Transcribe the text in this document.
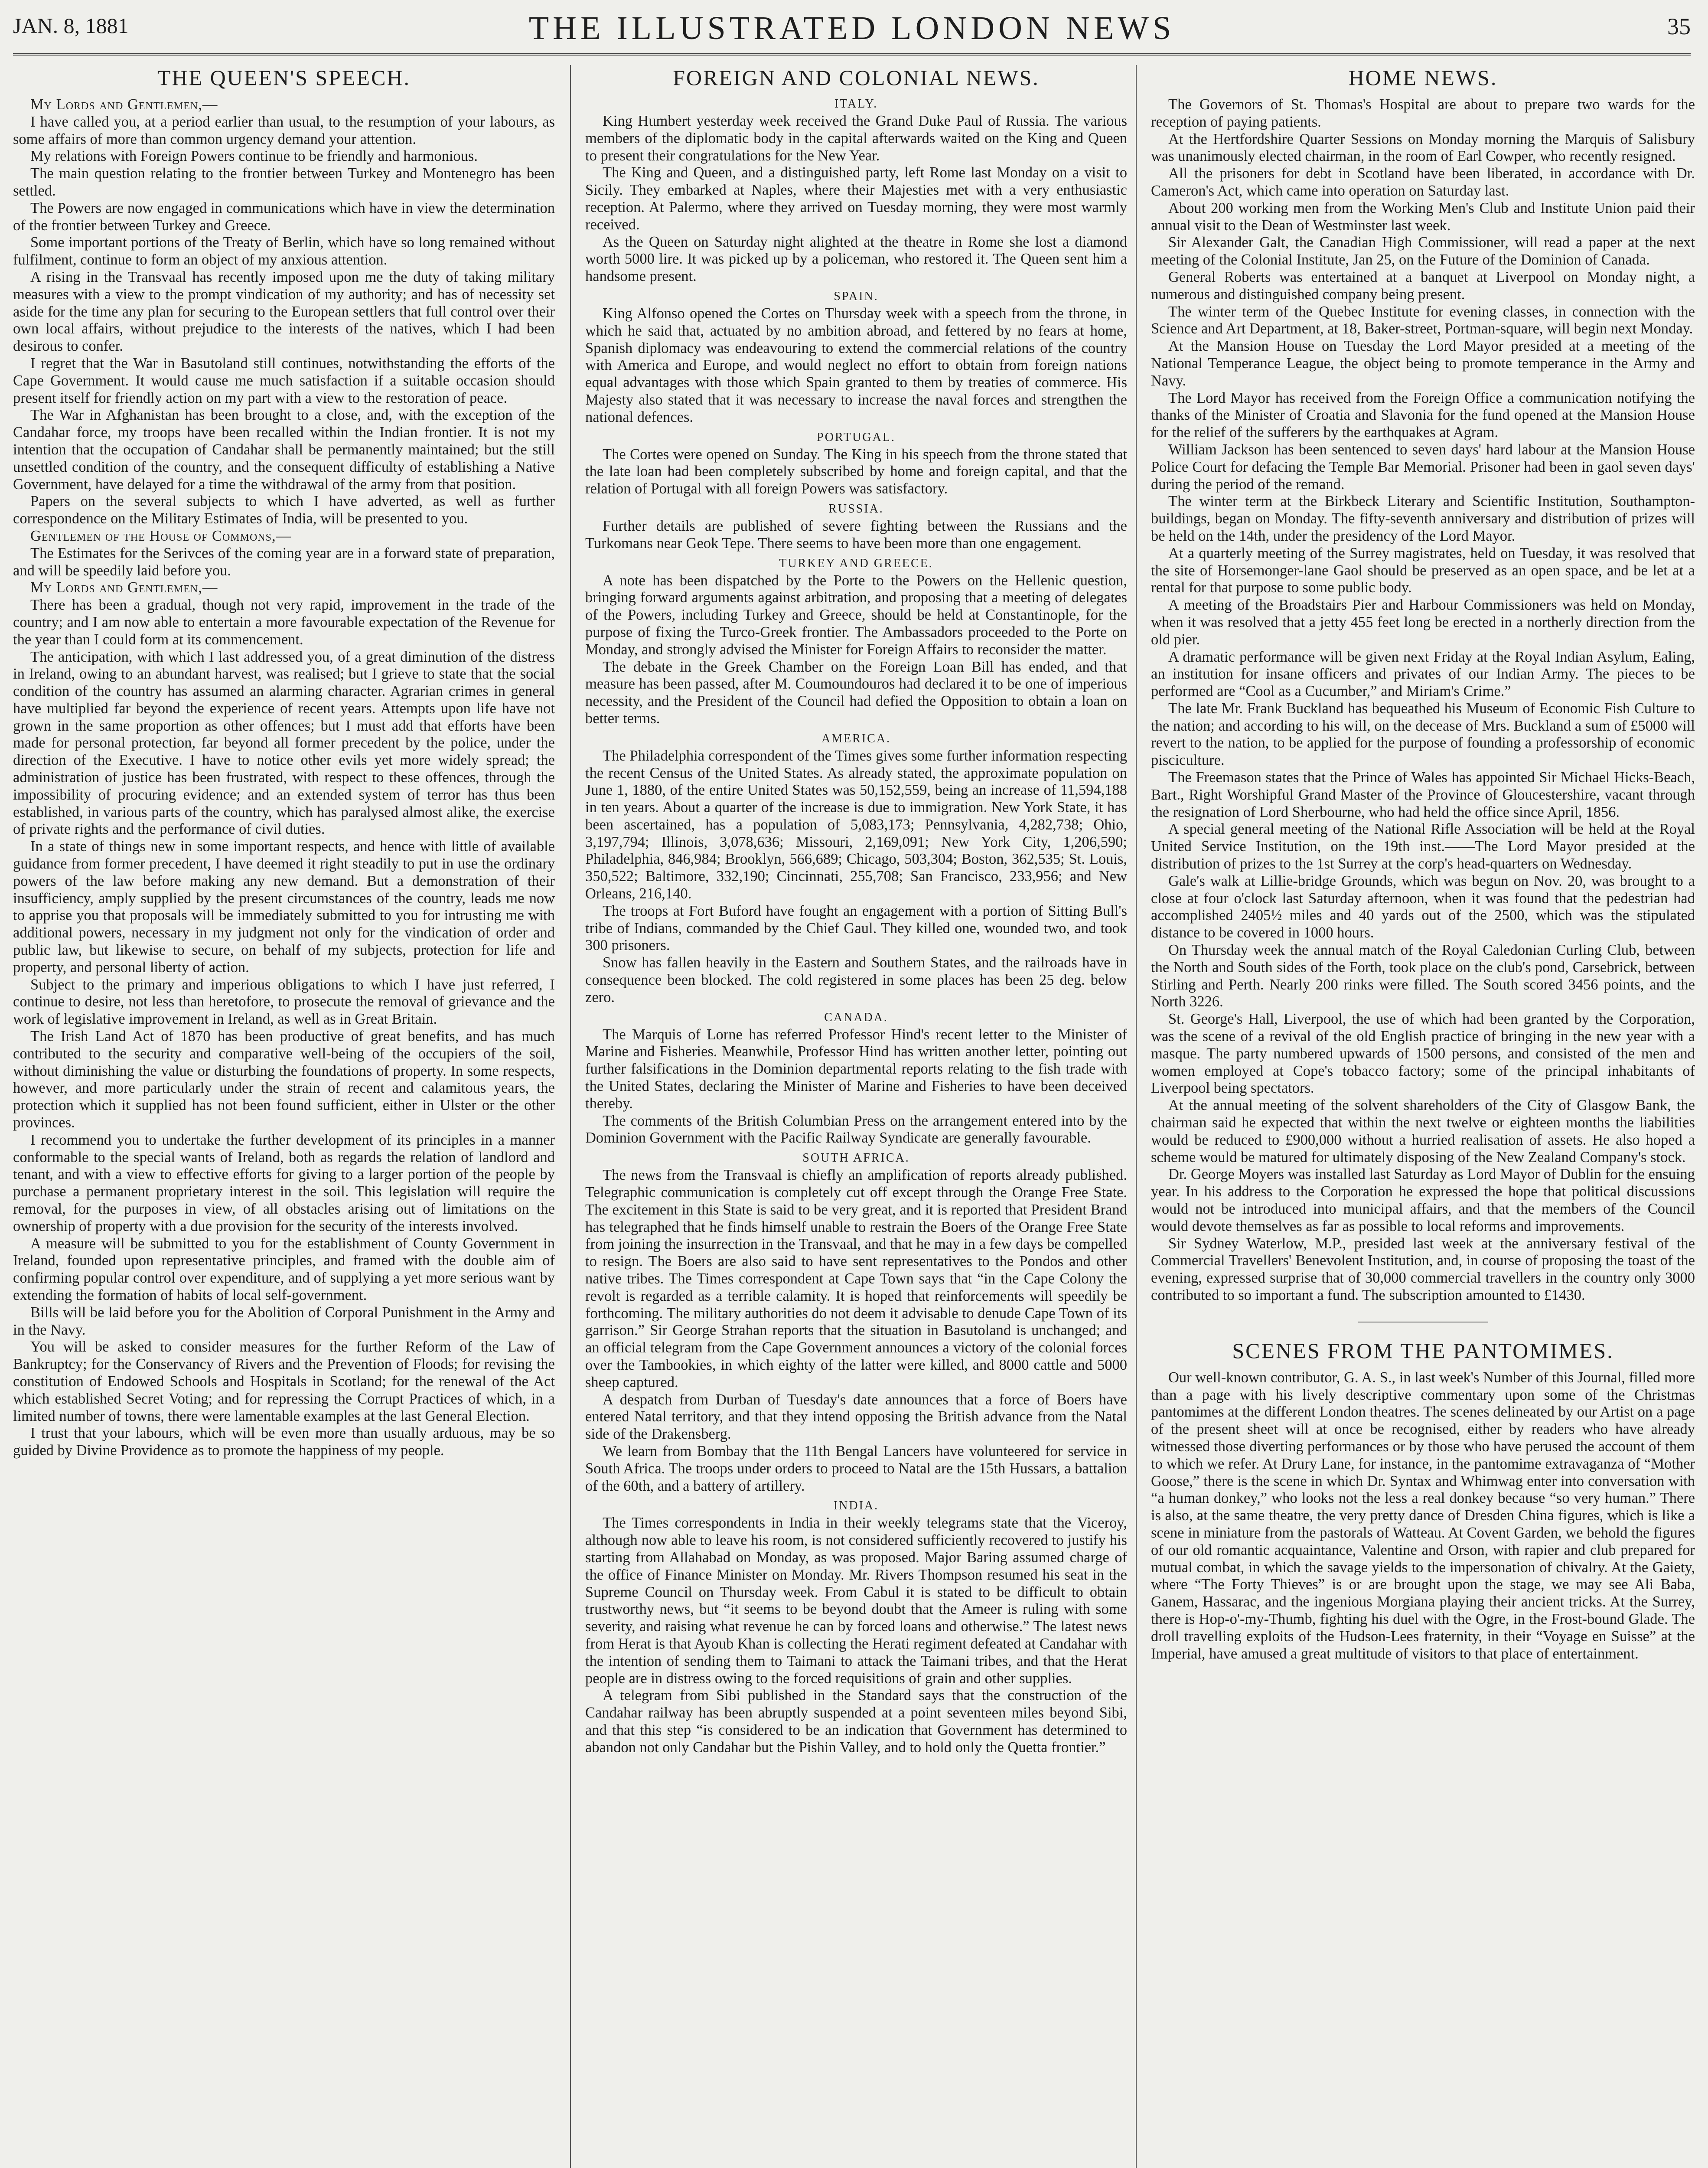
JAN. 8, 1881	THE ILLUSTRATED LONDON NEWS	35
THE QUEEN'S SPEECH.

My Lords and Gentlemen,—

I have called you, at a period earlier than usual, to the resumption of your labours, as some affairs of more than common urgency demand your attention.

My relations with Foreign Powers continue to be friendly and harmonious.

The main question relating to the frontier between Turkey and Montenegro has been settled.

The Powers are now engaged in communications which have in view the determination of the frontier between Turkey and Greece.

Some important portions of the Treaty of Berlin, which have so long remained without fulfilment, continue to form an object of my anxious attention.

A rising in the Transvaal has recently imposed upon me the duty of taking military measures with a view to the prompt vindication of my authority; and has of necessity set aside for the time any plan for securing to the European settlers that full control over their own local affairs, without prejudice to the interests of the natives, which I had been desirous to confer.

I regret that the War in Basutoland still continues, notwithstanding the efforts of the Cape Government. It would cause me much satisfaction if a suitable occasion should present itself for friendly action on my part with a view to the restoration of peace.

The War in Afghanistan has been brought to a close, and, with the exception of the Candahar force, my troops have been recalled within the Indian frontier. It is not my intention that the occupation of Candahar shall be permanently maintained; but the still unsettled condition of the country, and the consequent difficulty of establishing a Native Government, have delayed for a time the withdrawal of the army from that position.

Papers on the several subjects to which I have adverted, as well as further correspondence on the Military Estimates of India, will be presented to you.

Gentlemen of the House of Commons,—

The Estimates for the Serivces of the coming year are in a forward state of preparation, and will be speedily laid before you.

My Lords and Gentlemen,—

There has been a gradual, though not very rapid, improvement in the trade of the country; and I am now able to entertain a more favourable expectation of the Revenue for the year than I could form at its commencement.

The anticipation, with which I last addressed you, of a great diminution of the distress in Ireland, owing to an abundant harvest, was realised; but I grieve to state that the social condition of the country has assumed an alarming character. Agrarian crimes in general have multiplied far beyond the experience of recent years. Attempts upon life have not grown in the same proportion as other offences; but I must add that efforts have been made for personal protection, far beyond all former precedent by the police, under the direction of the Executive. I have to notice other evils yet more widely spread; the administration of justice has been frustrated, with respect to these offences, through the impossibility of procuring evidence; and an extended system of terror has thus been established, in various parts of the country, which has paralysed almost alike, the exercise of private rights and the performance of civil duties.

In a state of things new in some important respects, and hence with little of available guidance from former precedent, I have deemed it right steadily to put in use the ordinary powers of the law before making any new demand. But a demonstration of their insufficiency, amply supplied by the present circumstances of the country, leads me now to apprise you that proposals will be immediately submitted to you for intrusting me with additional powers, necessary in my judgment not only for the vindication of order and public law, but likewise to secure, on behalf of my subjects, protection for life and property, and personal liberty of action.

Subject to the primary and imperious obligations to which I have just referred, I continue to desire, not less than heretofore, to prosecute the removal of grievance and the work of legislative improvement in Ireland, as well as in Great Britain.

The Irish Land Act of 1870 has been productive of great benefits, and has much contributed to the security and comparative well-being of the occupiers of the soil, without diminishing the value or disturbing the foundations of property. In some respects, however, and more particularly under the strain of recent and calamitous years, the protection which it supplied has not been found sufficient, either in Ulster or the other provinces.

I recommend you to undertake the further development of its principles in a manner conformable to the special wants of Ireland, both as regards the relation of landlord and tenant, and with a view to effective efforts for giving to a larger portion of the people by purchase a permanent proprietary interest in the soil. This legislation will require the removal, for the purposes in view, of all obstacles arising out of limitations on the ownership of property with a due provision for the security of the interests involved.

A measure will be submitted to you for the establishment of County Government in Ireland, founded upon representative principles, and framed with the double aim of confirming popular control over expenditure, and of supplying a yet more serious want by extending the formation of habits of local self-government.

Bills will be laid before you for the Abolition of Corporal Punishment in the Army and in the Navy.

You will be asked to consider measures for the further Reform of the Law of Bankruptcy; for the Conservancy of Rivers and the Prevention of Floods; for revising the constitution of Endowed Schools and Hospitals in Scotland; for the renewal of the Act which established Secret Voting; and for repressing the Corrupt Practices of which, in a limited number of towns, there were lamentable examples at the last General Election.

I trust that your labours, which will be even more than usually arduous, may be so guided by Divine Providence as to promote the happiness of my people.

FOREIGN AND COLONIAL NEWS.
ITALY.

King Humbert yesterday week received the Grand Duke Paul of Russia. The various members of the diplomatic body in the capital afterwards waited on the King and Queen to present their congratulations for the New Year.

The King and Queen, and a distinguished party, left Rome last Monday on a visit to Sicily. They embarked at Naples, where their Majesties met with a very enthusiastic reception. At Palermo, where they arrived on Tuesday morning, they were most warmly received.

As the Queen on Saturday night alighted at the theatre in Rome she lost a diamond worth 5000 lire. It was picked up by a policeman, who restored it. The Queen sent him a handsome present.

SPAIN.

King Alfonso opened the Cortes on Thursday week with a speech from the throne, in which he said that, actuated by no ambition abroad, and fettered by no fears at home, Spanish diplomacy was endeavouring to extend the commercial relations of the country with America and Europe, and would neglect no effort to obtain from foreign nations equal advantages with those which Spain granted to them by treaties of commerce. His Majesty also stated that it was necessary to increase the naval forces and strengthen the national defences.

PORTUGAL.

The Cortes were opened on Sunday. The King in his speech from the throne stated that the late loan had been completely subscribed by home and foreign capital, and that the relation of Portugal with all foreign Powers was satisfactory.

RUSSIA.

Further details are published of severe fighting between the Russians and the Turkomans near Geok Tepe. There seems to have been more than one engagement.

TURKEY AND GREECE.

A note has been dispatched by the Porte to the Powers on the Hellenic question, bringing forward arguments against arbitration, and proposing that a meeting of delegates of the Powers, including Turkey and Greece, should be held at Constantinople, for the purpose of fixing the Turco-Greek frontier. The Ambassadors proceeded to the Porte on Monday, and strongly advised the Minister for Foreign Affairs to reconsider the matter.

The debate in the Greek Chamber on the Foreign Loan Bill has ended, and that measure has been passed, after M. Coumoundouros had declared it to be one of imperious necessity, and the President of the Council had defied the Opposition to obtain a loan on better terms.

AMERICA.

The Philadelphia correspondent of the Times gives some further information respecting the recent Census of the United States. As already stated, the approximate population on June 1, 1880, of the entire United States was 50,152,559, being an increase of 11,594,188 in ten years. About a quarter of the increase is due to immigration. New York State, it has been ascertained, has a population of 5,083,173; Pennsylvania, 4,282,738; Ohio, 3,197,794; Illinois, 3,078,636; Missouri, 2,169,091; New York City, 1,206,590; Philadelphia, 846,984; Brooklyn, 566,689; Chicago, 503,304; Boston, 362,535; St. Louis, 350,522; Baltimore, 332,190; Cincinnati, 255,708; San Francisco, 233,956; and New Orleans, 216,140.

The troops at Fort Buford have fought an engagement with a portion of Sitting Bull's tribe of Indians, commanded by the Chief Gaul. They killed one, wounded two, and took 300 prisoners.

Snow has fallen heavily in the Eastern and Southern States, and the railroads have in consequence been blocked. The cold registered in some places has been 25 deg. below zero.

CANADA.

The Marquis of Lorne has referred Professor Hind's recent letter to the Minister of Marine and Fisheries. Meanwhile, Professor Hind has written another letter, pointing out further falsifications in the Dominion departmental reports relating to the fish trade with the United States, declaring the Minister of Marine and Fisheries to have been deceived thereby.

The comments of the British Columbian Press on the arrangement entered into by the Dominion Government with the Pacific Railway Syndicate are generally favourable.

SOUTH AFRICA.

The news from the Transvaal is chiefly an amplification of reports already published. Telegraphic communication is completely cut off except through the Orange Free State. The excitement in this State is said to be very great, and it is reported that President Brand has telegraphed that he finds himself unable to restrain the Boers of the Orange Free State from joining the insurrection in the Transvaal, and that he may in a few days be compelled to resign. The Boers are also said to have sent representatives to the Pondos and other native tribes. The Times correspondent at Cape Town says that “in the Cape Colony the revolt is regarded as a terrible calamity. It is hoped that reinforcements will speedily be forthcoming. The military authorities do not deem it advisable to denude Cape Town of its garrison.” Sir George Strahan reports that the situation in Basutoland is unchanged; and an official telegram from the Cape Government announces a victory of the colonial forces over the Tambookies, in which eighty of the latter were killed, and 8000 cattle and 5000 sheep captured.

A despatch from Durban of Tuesday's date announces that a force of Boers have entered Natal territory, and that they intend opposing the British advance from the Natal side of the Drakensberg.

We learn from Bombay that the 11th Bengal Lancers have volunteered for service in South Africa. The troops under orders to proceed to Natal are the 15th Hussars, a battalion of the 60th, and a battery of artillery.

INDIA.

The Times correspondents in India in their weekly telegrams state that the Viceroy, although now able to leave his room, is not considered sufficiently recovered to justify his starting from Allahabad on Monday, as was proposed. Major Baring assumed charge of the office of Finance Minister on Monday. Mr. Rivers Thompson resumed his seat in the Supreme Council on Thursday week. From Cabul it is stated to be difficult to obtain trustworthy news, but “it seems to be beyond doubt that the Ameer is ruling with some severity, and raising what revenue he can by forced loans and otherwise.” The latest news from Herat is that Ayoub Khan is collecting the Herati regiment defeated at Candahar with the intention of sending them to Taimani to attack the Taimani tribes, and that the Herat people are in distress owing to the forced requisitions of grain and other supplies.

A telegram from Sibi published in the Standard says that the construction of the Candahar railway has been abruptly suspended at a point seventeen miles beyond Sibi, and that this step “is considered to be an indication that Government has determined to abandon not only Candahar but the Pishin Valley, and to hold only the Quetta frontier.”

HOME NEWS.

The Governors of St. Thomas's Hospital are about to prepare two wards for the reception of paying patients.

At the Hertfordshire Quarter Sessions on Monday morning the Marquis of Salisbury was unanimously elected chairman, in the room of Earl Cowper, who recently resigned.

All the prisoners for debt in Scotland have been liberated, in accordance with Dr. Cameron's Act, which came into operation on Saturday last.

About 200 working men from the Working Men's Club and Institute Union paid their annual visit to the Dean of Westminster last week.

Sir Alexander Galt, the Canadian High Commissioner, will read a paper at the next meeting of the Colonial Institute, Jan 25, on the Future of the Dominion of Canada.

General Roberts was entertained at a banquet at Liverpool on Monday night, a numerous and distinguished company being present.

The winter term of the Quebec Institute for evening classes, in connection with the Science and Art Department, at 18, Baker-street, Portman-square, will begin next Monday.

At the Mansion House on Tuesday the Lord Mayor presided at a meeting of the National Temperance League, the object being to promote temperance in the Army and Navy.

The Lord Mayor has received from the Foreign Office a communication notifying the thanks of the Minister of Croatia and Slavonia for the fund opened at the Mansion House for the relief of the sufferers by the earthquakes at Agram.

William Jackson has been sentenced to seven days' hard labour at the Mansion House Police Court for defacing the Temple Bar Memorial. Prisoner had been in gaol seven days' during the period of the remand.

The winter term at the Birkbeck Literary and Scientific Institution, Southampton-buildings, began on Monday. The fifty-seventh anniversary and distribution of prizes will be held on the 14th, under the presidency of the Lord Mayor.

At a quarterly meeting of the Surrey magistrates, held on Tuesday, it was resolved that the site of Horsemonger-lane Gaol should be preserved as an open space, and be let at a rental for that purpose to some public body.

A meeting of the Broadstairs Pier and Harbour Commissioners was held on Monday, when it was resolved that a jetty 455 feet long be erected in a northerly direction from the old pier.

A dramatic performance will be given next Friday at the Royal Indian Asylum, Ealing, an institution for insane officers and privates of our Indian Army. The pieces to be performed are “Cool as a Cucumber,” and Miriam's Crime.”

The late Mr. Frank Buckland has bequeathed his Museum of Economic Fish Culture to the nation; and according to his will, on the decease of Mrs. Buckland a sum of £5000 will revert to the nation, to be applied for the purpose of founding a professorship of economic pisciculture.

The Freemason states that the Prince of Wales has appointed Sir Michael Hicks-Beach, Bart., Right Worshipful Grand Master of the Province of Gloucestershire, vacant through the resignation of Lord Sherbourne, who had held the office since April, 1856.

A special general meeting of the National Rifle Association will be held at the Royal United Service Institution, on the 19th inst.——The Lord Mayor presided at the distribution of prizes to the 1st Surrey at the corp's head-quarters on Wednesday.

Gale's walk at Lillie-bridge Grounds, which was begun on Nov. 20, was brought to a close at four o'clock last Saturday afternoon, when it was found that the pedestrian had accomplished 2405½ miles and 40 yards out of the 2500, which was the stipulated distance to be covered in 1000 hours.

On Thursday week the annual match of the Royal Caledonian Curling Club, between the North and South sides of the Forth, took place on the club's pond, Carsebrick, between Stirling and Perth. Nearly 200 rinks were filled. The South scored 3456 points, and the North 3226.

St. George's Hall, Liverpool, the use of which had been granted by the Corporation, was the scene of a revival of the old English practice of bringing in the new year with a masque. The party numbered upwards of 1500 persons, and consisted of the men and women employed at Cope's tobacco factory; some of the principal inhabitants of Liverpool being spectators.

At the annual meeting of the solvent shareholders of the City of Glasgow Bank, the chairman said he expected that within the next twelve or eighteen months the liabilities would be reduced to £900,000 without a hurried realisation of assets. He also hoped a scheme would be matured for ultimately disposing of the New Zealand Company's stock.

Dr. George Moyers was installed last Saturday as Lord Mayor of Dublin for the ensuing year. In his address to the Corporation he expressed the hope that political discussions would not be introduced into municipal affairs, and that the members of the Council would devote themselves as far as possible to local reforms and improvements.

Sir Sydney Waterlow, M.P., presided last week at the anniversary festival of the Commercial Travellers' Benevolent Institution, and, in course of proposing the toast of the evening, expressed surprise that of 30,000 commercial travellers in the country only 3000 contributed to so important a fund. The subscription amounted to £1430.

SCENES FROM THE PANTOMIMES.

Our well-known contributor, G. A. S., in last week's Number of this Journal, filled more than a page with his lively descriptive commentary upon some of the Christmas pantomimes at the different London theatres. The scenes delineated by our Artist on a page of the present sheet will at once be recognised, either by readers who have already witnessed those diverting performances or by those who have perused the account of them to which we refer. At Drury Lane, for instance, in the pantomime extravaganza of “Mother Goose,” there is the scene in which Dr. Syntax and Whimwag enter into conversation with “a human donkey,” who looks not the less a real donkey because “so very human.” There is also, at the same theatre, the very pretty dance of Dresden China figures, which is like a scene in miniature from the pastorals of Watteau. At Covent Garden, we behold the figures of our old romantic acquaintance, Valentine and Orson, with rapier and club prepared for mutual combat, in which the savage yields to the impersonation of chivalry. At the Gaiety, where “The Forty Thieves” is or are brought upon the stage, we may see Ali Baba, Ganem, Hassarac, and the ingenious Morgiana playing their ancient tricks. At the Surrey, there is Hop-o'-my-Thumb, fighting his duel with the Ogre, in the Frost-bound Glade. The droll travelling exploits of the Hudson-Lees fraternity, in their “Voyage en Suisse” at the Imperial, have amused a great multitude of visitors to that place of entertainment.
